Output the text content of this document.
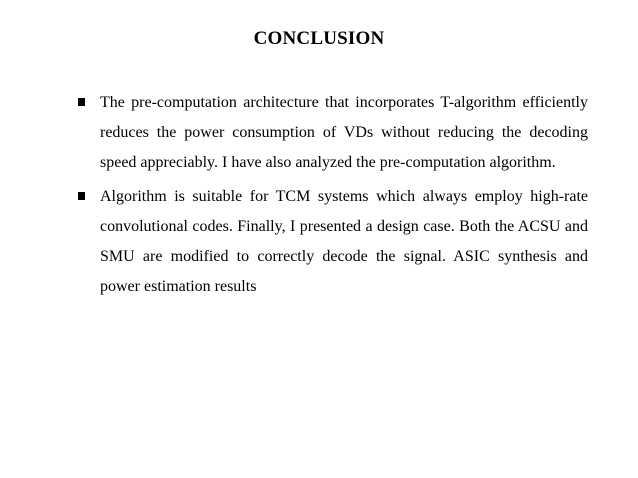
CONCLUSION
The pre-computation architecture that incorporates T-algorithm efficiently reduces the power consumption of VDs without reducing the decoding speed appreciably. I have also analyzed the pre-computation algorithm.
Algorithm is suitable for TCM systems which always employ high-rate convolutional codes. Finally, I presented a design case. Both the ACSU and SMU are modified to correctly decode the signal. ASIC synthesis and power estimation results
